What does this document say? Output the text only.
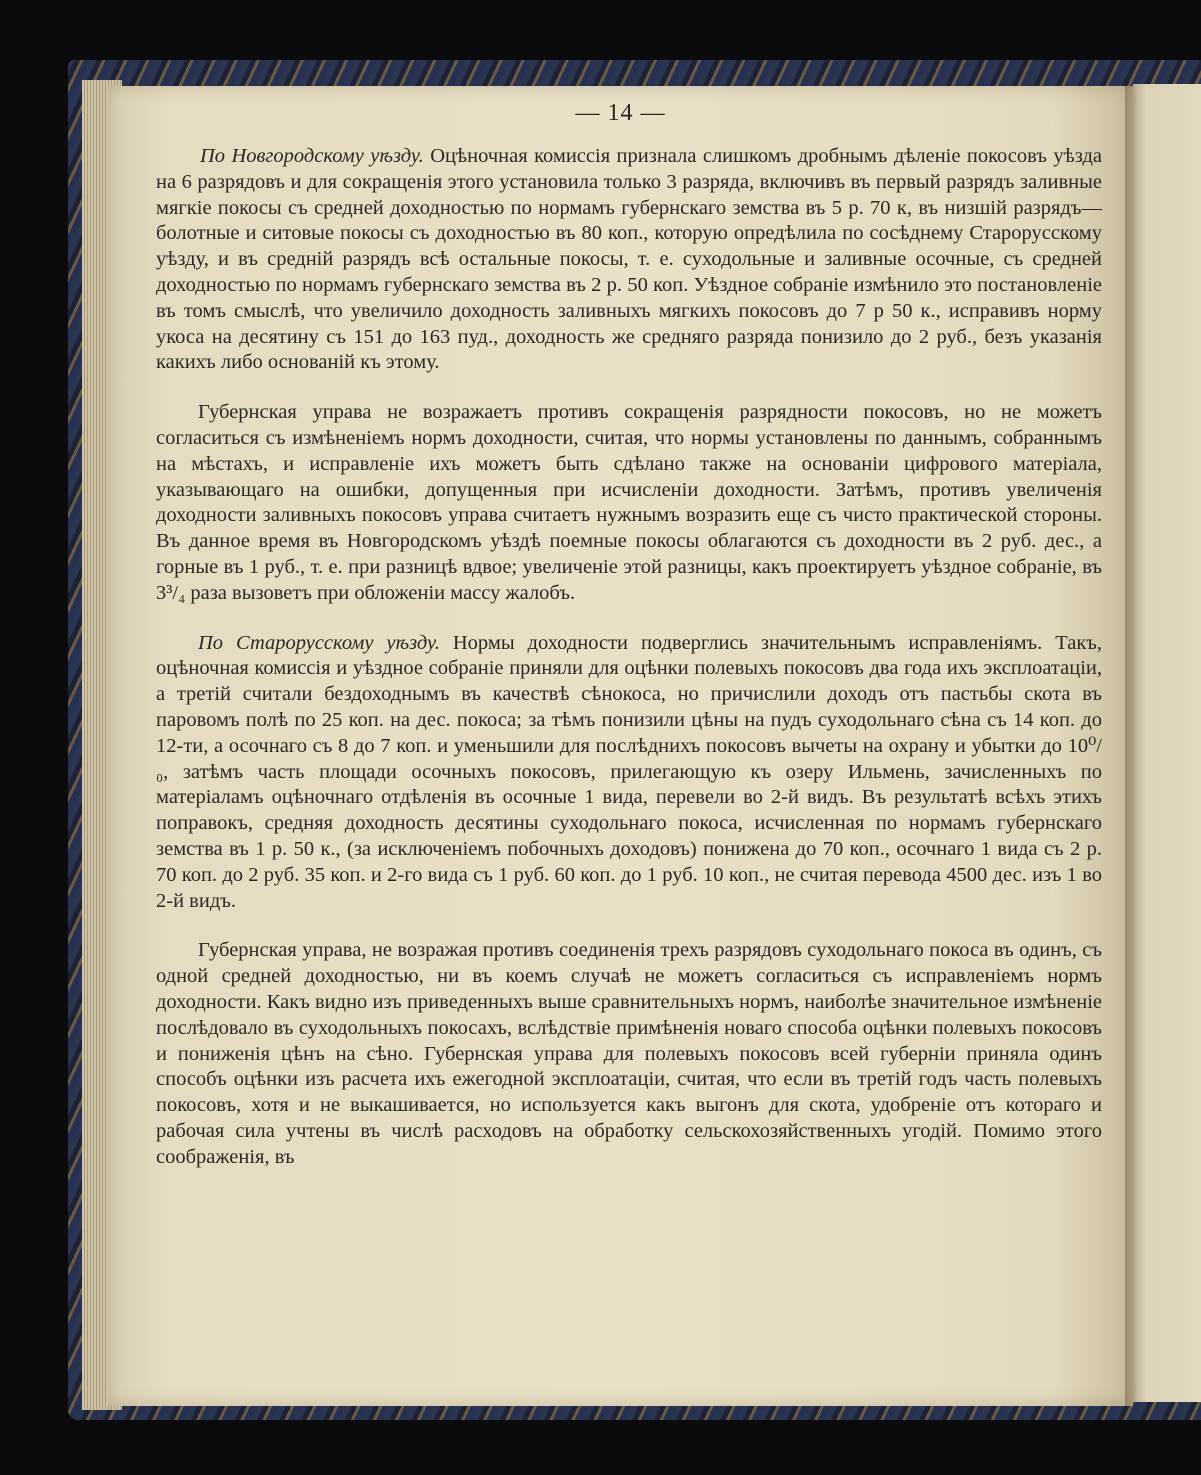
— 14 —

По Новгородскому уѣзду. Оцѣночная комиссія признала слишкомъ дробнымъ дѣленіе покосовъ уѣзда на 6 разрядовъ и для сокращенія этого установила только 3 разряда, включивъ въ первый разрядъ заливные мягкіе покосы съ средней доходностью по нормамъ губернскаго земства въ 5 р. 70 к, въ низшій разрядъ—болотные и ситовые покосы съ доходностью въ 80 коп., которую опредѣлила по сосѣднему Старорусскому уѣзду, и въ средній разрядъ всѣ остальные покосы, т. е. суходольные и заливные осочные, съ средней доходностью по нормамъ губернскаго земства въ 2 р. 50 коп. Уѣздное собраніе измѣнило это постановленіе въ томъ смыслѣ, что увеличило доходность заливныхъ мягкихъ покосовъ до 7 р 50 к., исправивъ норму укоса на десятину съ 151 до 163 пуд., доходность же средняго разряда понизило до 2 руб., безъ указанія какихъ либо основаній къ этому.

Губернская управа не возражаетъ противъ сокращенія разрядности покосовъ, но не можетъ согласиться съ измѣненіемъ нормъ доходности, считая, что нормы установлены по даннымъ, собраннымъ на мѣстахъ, и исправленіе ихъ можетъ быть сдѣлано также на основаніи цифрового матеріала, указывающаго на ошибки, допущенныя при исчисленіи доходности. Затѣмъ, противъ увеличенія доходности заливныхъ покосовъ управа считаетъ нужнымъ возразить еще съ чисто практической стороны. Въ данное время въ Новгородскомъ уѣздѣ поемные покосы облагаются съ доходности въ 2 руб. дес., а горные въ 1 руб., т. е. при разницѣ вдвое; увеличеніе этой разницы, какъ проектируетъ уѣздное собраніе, въ 3³/₄ раза вызоветъ при обложеніи массу жалобъ.

По Старорусскому уѣзду. Нормы доходности подверглись значительнымъ исправленіямъ. Такъ, оцѣночная комиссія и уѣздное собраніе приняли для оцѣнки полевыхъ покосовъ два года ихъ эксплоатаціи, а третій считали бездоходнымъ въ качествѣ сѣнокоса, но причислили доходъ отъ пастьбы скота въ паровомъ полѣ по 25 коп. на дес. покоса; за тѣмъ понизили цѣны на пудъ суходольнаго сѣна съ 14 коп. до 12-ти, а осочнаго съ 8 до 7 коп. и уменьшили для послѣднихъ покосовъ вычеты на охрану и убытки до 10⁰/₀, затѣмъ часть площади осочныхъ покосовъ, прилегающую къ озеру Ильмень, зачисленныхъ по матеріаламъ оцѣночнаго отдѣленія въ осочные 1 вида, перевели во 2-й видъ. Въ результатѣ всѣхъ этихъ поправокъ, средняя доходность десятины суходольнаго покоса, исчисленная по нормамъ губернскаго земства въ 1 р. 50 к., (за исключеніемъ побочныхъ доходовъ) понижена до 70 коп., осочнаго 1 вида съ 2 р. 70 коп. до 2 руб. 35 коп. и 2-го вида съ 1 руб. 60 коп. до 1 руб. 10 коп., не считая перевода 4500 дес. изъ 1 во 2-й видъ.

Губернская управа, не возражая противъ соединенія трехъ разрядовъ суходольнаго покоса въ одинъ, съ одной средней доходностью, ни въ коемъ случаѣ не можетъ согласиться съ исправленіемъ нормъ доходности. Какъ видно изъ приведенныхъ выше сравнительныхъ нормъ, наиболѣе значительное измѣненіе послѣдовало въ суходольныхъ покосахъ, вслѣдствіе примѣненія новаго способа оцѣнки полевыхъ покосовъ и пониженія цѣнъ на сѣно. Губернская управа для полевыхъ покосовъ всей губерніи приняла одинъ способъ оцѣнки изъ расчета ихъ ежегодной эксплоатаціи, считая, что если въ третій годъ часть полевыхъ покосовъ, хотя и не выкашивается, но используется какъ выгонъ для скота, удобреніе отъ котораго и рабочая сила учтены въ числѣ расходовъ на обработку сельскохозяйственныхъ угодій. Помимо этого соображенія, въ
